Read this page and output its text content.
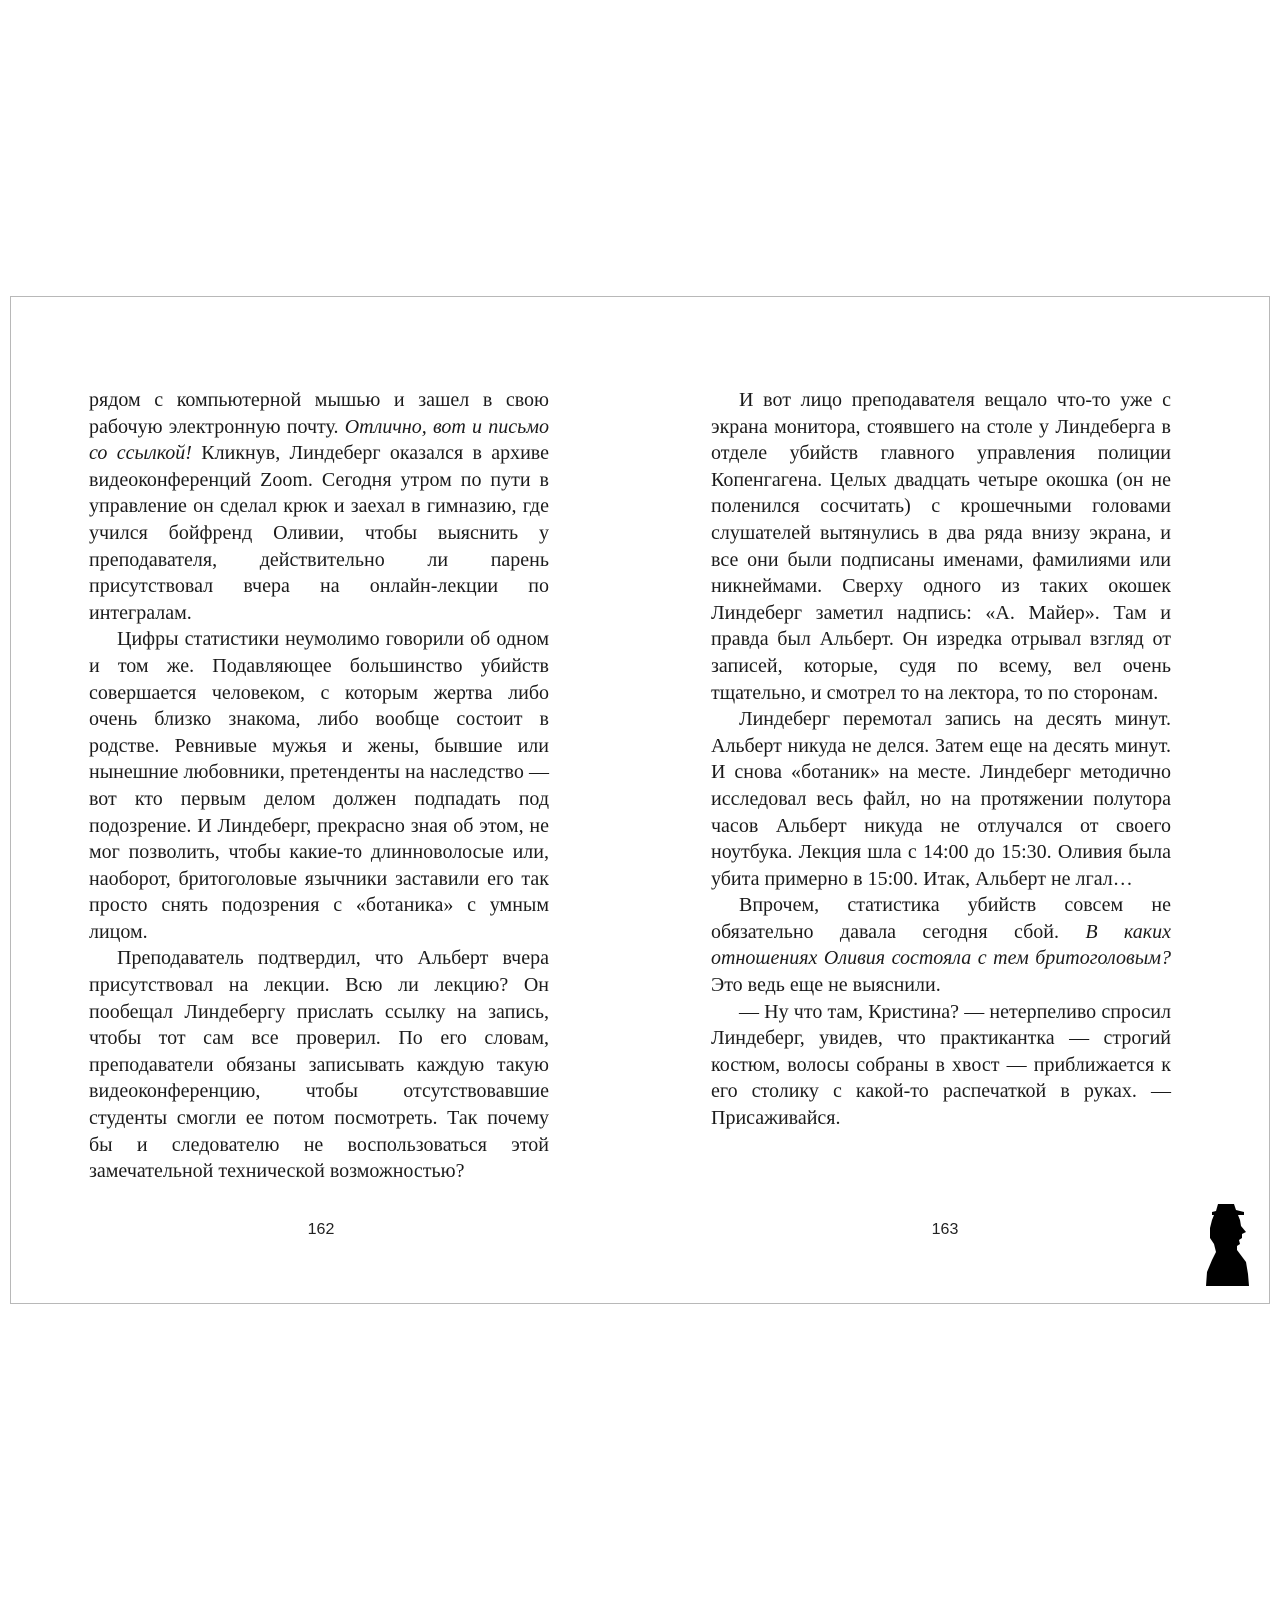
рядом с компьютерной мышью и зашел в свою рабочую электронную почту. Отлично, вот и письмо со ссылкой! Кликнув, Линдеберг оказался в архиве видеоконференций Zoom. Сегодня утром по пути в управление он сделал крюк и заехал в гимназию, где учился бойфренд Оливии, чтобы выяснить у преподавателя, действительно ли парень присутствовал вчера на онлайн-лекции по интегралам.

Цифры статистики неумолимо говорили об одном и том же. Подавляющее большинство убийств совершается человеком, с которым жертва либо очень близко знакома, либо вообще состоит в родстве. Ревнивые мужья и жены, бывшие или нынешние любовники, претенденты на наследство — вот кто первым делом должен подпадать под подозрение. И Линдеберг, прекрасно зная об этом, не мог позволить, чтобы какие-то длинноволосые или, наоборот, бритоголовые язычники заставили его так просто снять подозрения с «ботаника» с умным лицом.

Преподаватель подтвердил, что Альберт вчера присутствовал на лекции. Всю ли лекцию? Он пообещал Линдебергу прислать ссылку на запись, чтобы тот сам все проверил. По его словам, преподаватели обязаны записывать каждую такую видеоконференцию, чтобы отсутствовавшие студенты смогли ее потом посмотреть. Так почему бы и следователю не воспользоваться этой замечательной технической возможностью?

И вот лицо преподавателя вещало что-то уже с экрана монитора, стоявшего на столе у Линдеберга в отделе убийств главного управления полиции Копенгагена. Целых двадцать четыре окошка (он не поленился сосчитать) с крошечными головами слушателей вытянулись в два ряда внизу экрана, и все они были подписаны именами, фамилиями или никнеймами. Сверху одного из таких окошек Линдеберг заметил надпись: «А. Майер». Там и правда был Альберт. Он изредка отрывал взгляд от записей, которые, судя по всему, вел очень тщательно, и смотрел то на лектора, то по сторонам.

Линдеберг перемотал запись на десять минут. Альберт никуда не делся. Затем еще на десять минут. И снова «ботаник» на месте. Линдеберг методично исследовал весь файл, но на протяжении полутора часов Альберт никуда не отлучался от своего ноутбука. Лекция шла с 14:00 до 15:30. Оливия была убита примерно в 15:00. Итак, Альберт не лгал…

Впрочем, статистика убийств совсем не обязательно давала сегодня сбой. В каких отношениях Оливия состояла с тем бритоголовым? Это ведь еще не выяснили.

— Ну что там, Кристина? — нетерпеливо спросил Линдеберг, увидев, что практикантка — строгий костюм, волосы собраны в хвост — приближается к его столику с какой-то распечаткой в руках. — Присаживайся.

162	163
